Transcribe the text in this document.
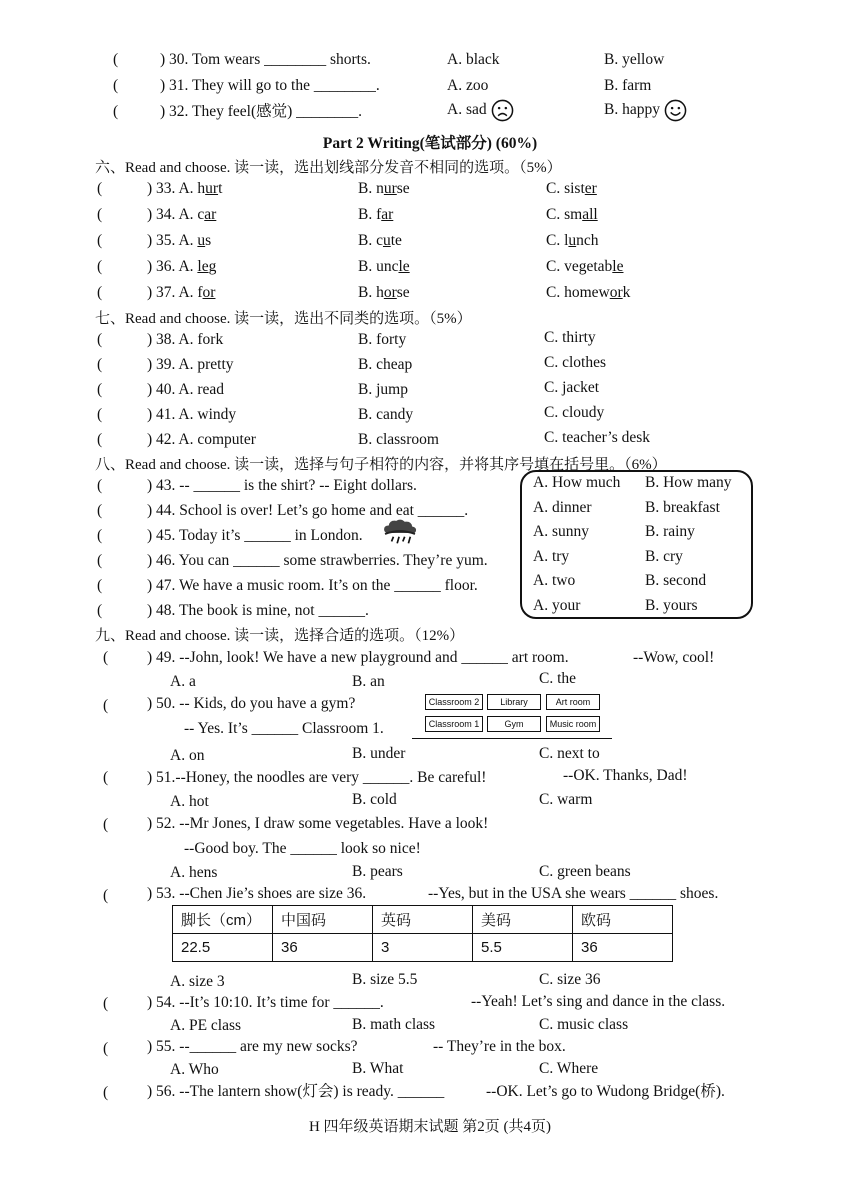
(	) 30. Tom wears ________ shorts.	A. black	B. yellow
(	) 31. They will go to the ________.	A. zoo	B. farm
(	) 32. They feel(感觉) ________.	A. sad	B. happy
Part 2 Writing(笔试部分) (60%)
六、Read and choose. 读一读，选出划线部分发音不相同的选项。（5%）
(	) 33. A. hurt	B. nurse	C. sister
(	) 34. A. car	B. far	C. small
(	) 35. A. us	B. cute	C. lunch
(	) 36. A. leg	B. uncle	C. vegetable
(	) 37. A. for	B. horse	C. homework
七、Read and choose. 读一读，选出不同类的选项。（5%）
(	) 38. A. fork	B. forty	C. thirty
(	) 39. A. pretty	B. cheap	C. clothes
(	) 40. A. read	B. jump	C. jacket
(	) 41. A. windy	B. candy	C. cloudy
(	) 42. A. computer	B. classroom	C. teacher’s desk
八、Read and choose. 读一读，选择与句子相符的内容，并将其序号填在括号里。（6%）
(	) 43. -- ______ is the shirt? -- Eight dollars.
(	) 44. School is over! Let’s go home and eat ______.
(	) 45. Today it’s ______ in London.
(	) 46. You can ______ some strawberries. They’re yum.
(	) 47. We have a music room. It’s on the ______ floor.
(	) 48. The book is mine, not ______.
A. How much B. How many
A. dinner	B. breakfast
A. sunny	B. rainy
A. try	B. cry
A. two	B. second
A. your	B. yours
九、Read and choose. 读一读，选择合适的选项。（12%）
(	) 49. --John, look! We have a new playground and ______ art room.	--Wow, cool!
A. a	B. an	C. the
(	) 50. -- Kids, do you have a gym?
-- Yes. It’s ______ Classroom 1.
Classroom 2	Library	Art room
Classroom 1	Gym	Music room
A. on	B. under	C. next to
(	) 51.--Honey, the noodles are very ______. Be careful!	--OK. Thanks, Dad!
A. hot	B. cold	C. warm
(	) 52. --Mr Jones, I draw some vegetables. Have a look!
--Good boy. The ______ look so nice!
A. hens	B. pears	C. green beans
(	) 53. --Chen Jie’s shoes are size 36.	--Yes, but in the USA she wears ______ shoes.
脚长（cm）	中国码	英码	美码	欧码
22.5	36	3	5.5	36
A. size 3	B. size 5.5	C. size 36
(	) 54. --It’s 10:10. It’s time for ______.	--Yeah! Let’s sing and dance in the class.
A. PE class	B. math class	C. music class
(	) 55. --______ are my new socks?	-- They’re in the box.
A. Who	B. What	C. Where
(	) 56. --The lantern show(灯会) is ready. ______	--OK. Let’s go to Wudong Bridge(桥).
H 四年级英语期末试题 第2页 (共4页)
